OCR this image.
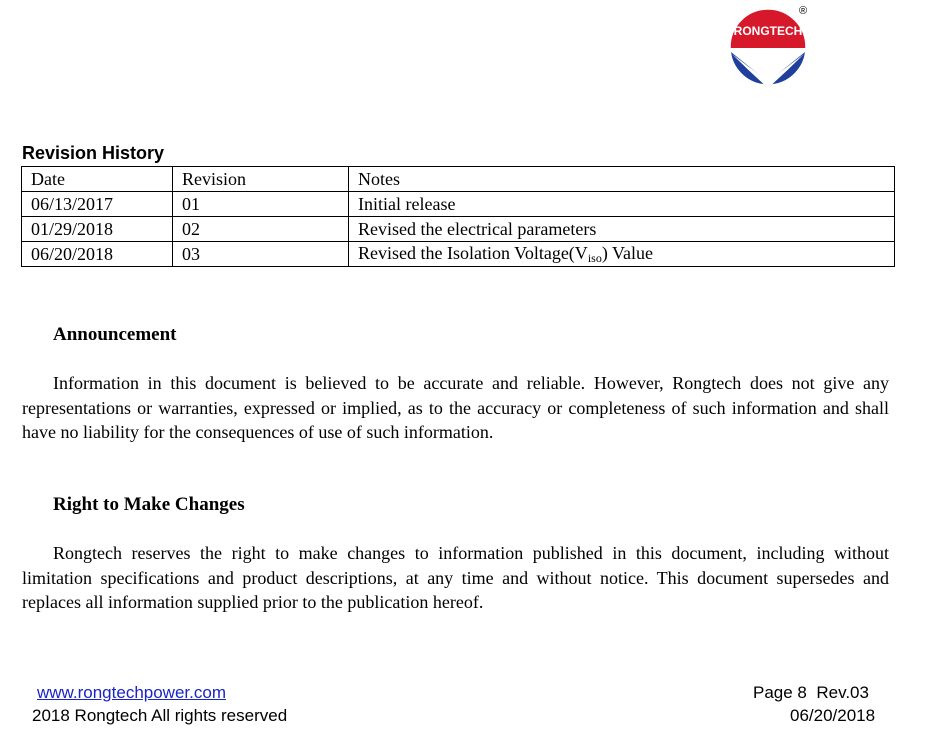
RONGTECH
®
Revision History
Date	Revision	Notes
06/13/2017	01	Initial release
01/29/2018	02	Revised the electrical parameters
06/20/2018	03	Revised the Isolation $Voltage(V_{iso})$ Value
Announcement

Information in this document is believed to be accurate and reliable. However, Rongtech does not give any representations or warranties, expressed or implied, as to the accuracy or completeness of such information and shall have no liability for the consequences of use of such information.

Right to Make Changes

Rongtech reserves the right to make changes to information published in this document, including without limitation specifications and product descriptions, at any time and without notice. This document supersedes and replaces all information supplied prior to the publication hereof.

www.rongtechpower.com
2018 Rongtech All rights reserved
Page 8 Rev.03
06/20/2018
